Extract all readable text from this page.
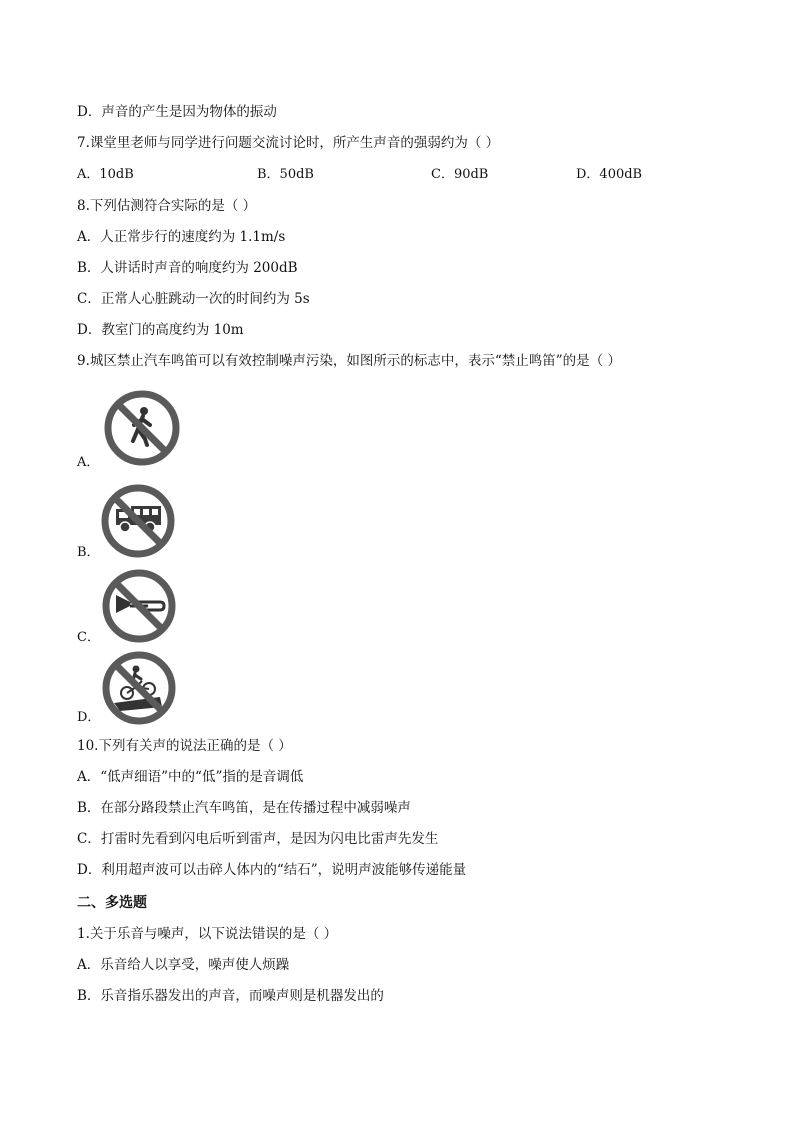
D．声音的产生是因为物体的振动
7.课堂里老师与同学进行问题交流讨论时，所产生声音的强弱约为（ ）
A．10dB	B．50dB	C．90dB	D．400dB
8.下列估测符合实际的是（ ）
A．人正常步行的速度约为 1.1m/s
B．人讲话时声音的响度约为 200dB
C．正常人心脏跳动一次的时间约为 5s
D．教室门的高度约为 10m
9.城区禁止汽车鸣笛可以有效控制噪声污染，如图所示的标志中，表示“禁止鸣笛”的是（ ）
A．
B．
C．
D．
10.下列有关声的说法正确的是（ ）
A．“低声细语”中的“低”指的是音调低
B．在部分路段禁止汽车鸣笛，是在传播过程中减弱噪声
C．打雷时先看到闪电后听到雷声，是因为闪电比雷声先发生
D．利用超声波可以击碎人体内的“结石”，说明声波能够传递能量
二、多选题
1.关于乐音与噪声，以下说法错误的是（ ）
A．乐音给人以享受，噪声使人烦躁
B．乐音指乐器发出的声音，而噪声则是机器发出的
